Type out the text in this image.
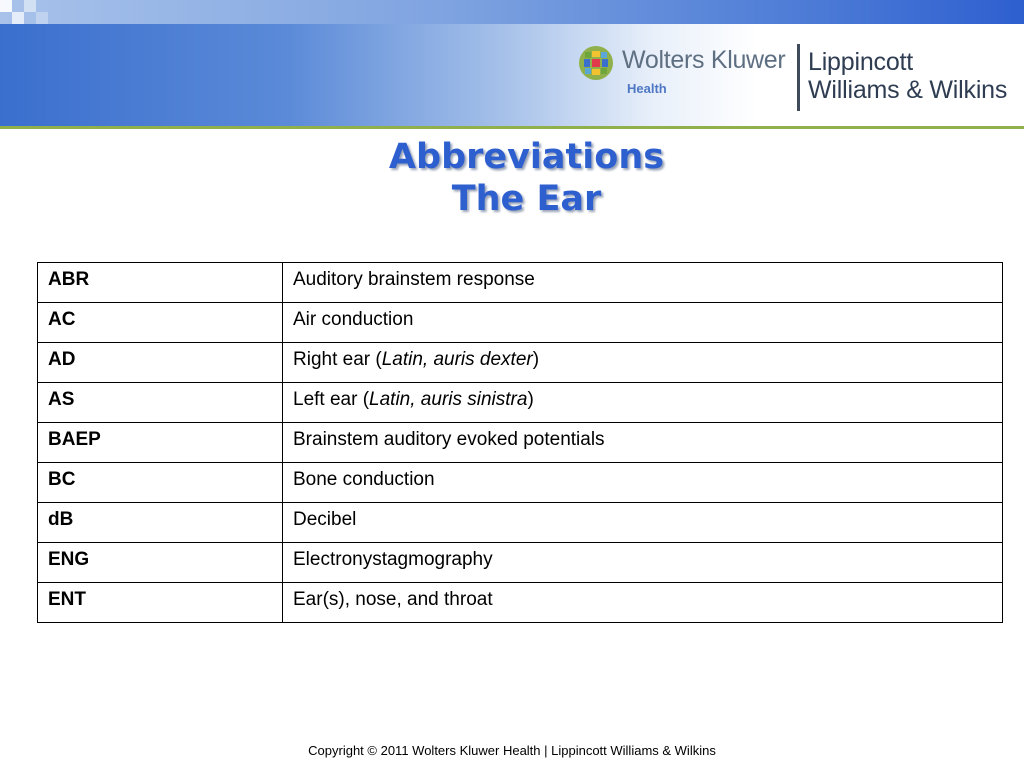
Wolters Kluwer
Health
Lippincott
Williams & Wilkins
Abbreviations
The Ear
ABR	Auditory brainstem response
AC	Air conduction
AD	Right ear (Latin, auris dexter)
AS	Left ear (Latin, auris sinistra)
BAEP	Brainstem auditory evoked potentials
BC	Bone conduction
dB	Decibel
ENG	Electronystagmography
ENT	Ear(s), nose, and throat
Copyright © 2011 Wolters Kluwer Health | Lippincott Williams & Wilkins
